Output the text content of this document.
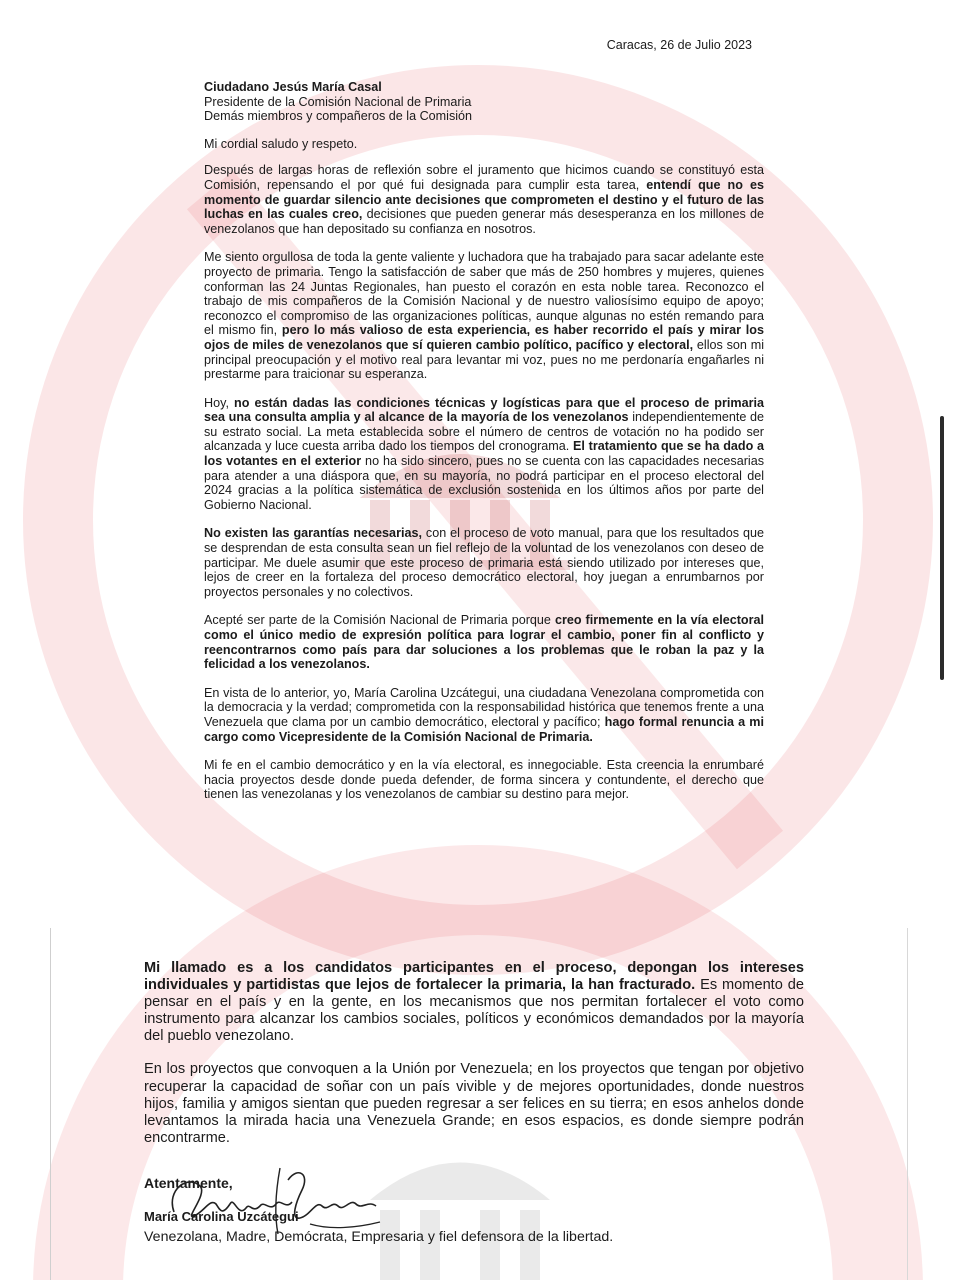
Caracas, 26 de Julio 2023
Ciudadano Jesús María Casal
Presidente de la Comisión Nacional de Primaria
Demás miembros y compañeros de la Comisión
Mi cordial saludo y respeto.

Después de largas horas de reflexión sobre el juramento que hicimos cuando se constituyó esta Comisión, repensando el por qué fui designada para cumplir esta tarea, entendí que no es momento de guardar silencio ante decisiones que comprometen el destino y el futuro de las luchas en las cuales creo, decisiones que pueden generar más desesperanza en los millones de venezolanos que han depositado su confianza en nosotros.

Me siento orgullosa de toda la gente valiente y luchadora que ha trabajado para sacar adelante este proyecto de primaria. Tengo la satisfacción de saber que más de 250 hombres y mujeres, quienes conforman las 24 Juntas Regionales, han puesto el corazón en esta noble tarea. Reconozco el trabajo de mis compañeros de la Comisión Nacional y de nuestro valiosísimo equipo de apoyo; reconozco el compromiso de las organizaciones políticas, aunque algunas no estén remando para el mismo fin, pero lo más valioso de esta experiencia, es haber recorrido el país y mirar los ojos de miles de venezolanos que sí quieren cambio político, pacífico y electoral, ellos son mi principal preocupación y el motivo real para levantar mi voz, pues no me perdonaría engañarles ni prestarme para traicionar su esperanza.

Hoy, no están dadas las condiciones técnicas y logísticas para que el proceso de primaria sea una consulta amplia y al alcance de la mayoría de los venezolanos independientemente de su estrato social. La meta establecida sobre el número de centros de votación no ha podido ser alcanzada y luce cuesta arriba dado los tiempos del cronograma. El tratamiento que se ha dado a los votantes en el exterior no ha sido sincero, pues no se cuenta con las capacidades necesarias para atender a una diáspora que, en su mayoría, no podrá participar en el proceso electoral del 2024 gracias a la política sistemática de exclusión sostenida en los últimos años por parte del Gobierno Nacional.

No existen las garantías necesarias, con el proceso de voto manual, para que los resultados que se desprendan de esta consulta sean un fiel reflejo de la voluntad de los venezolanos con deseo de participar. Me duele asumir que este proceso de primaria está siendo utilizado por intereses que, lejos de creer en la fortaleza del proceso democrático electoral, hoy juegan a enrumbarnos por proyectos personales y no colectivos.

Acepté ser parte de la Comisión Nacional de Primaria porque creo firmemente en la vía electoral como el único medio de expresión política para lograr el cambio, poner fin al conflicto y reencontrarnos como país para dar soluciones a los problemas que le roban la paz y la felicidad a los venezolanos.

En vista de lo anterior, yo, María Carolina Uzcátegui, una ciudadana Venezolana comprometida con la democracia y la verdad; comprometida con la responsabilidad histórica que tenemos frente a una Venezuela que clama por un cambio democrático, electoral y pacífico; hago formal renuncia a mi cargo como Vicepresidente de la Comisión Nacional de Primaria.

Mi fe en el cambio democrático y en la vía electoral, es innegociable. Esta creencia la enrumbaré hacia proyectos desde donde pueda defender, de forma sincera y contundente, el derecho que tienen las venezolanas y los venezolanos de cambiar su destino para mejor.

Mi llamado es a los candidatos participantes en el proceso, depongan los intereses individuales y partidistas que lejos de fortalecer la primaria, la han fracturado. Es momento de pensar en el país y en la gente, en los mecanismos que nos permitan fortalecer el voto como instrumento para alcanzar los cambios sociales, políticos y económicos demandados por la mayoría del pueblo venezolano.

En los proyectos que convoquen a la Unión por Venezuela; en los proyectos que tengan por objetivo recuperar la capacidad de soñar con un país vivible y de mejores oportunidades, donde nuestros hijos, familia y amigos sientan que pueden regresar a ser felices en su tierra; en esos anhelos donde levantamos la mirada hacia una Venezuela Grande; en esos espacios, es donde siempre podrán encontrarme.

Atentamente,
María Carolina Uzcátegui
Venezolana, Madre, Demócrata, Empresaria y fiel defensora de la libertad.
